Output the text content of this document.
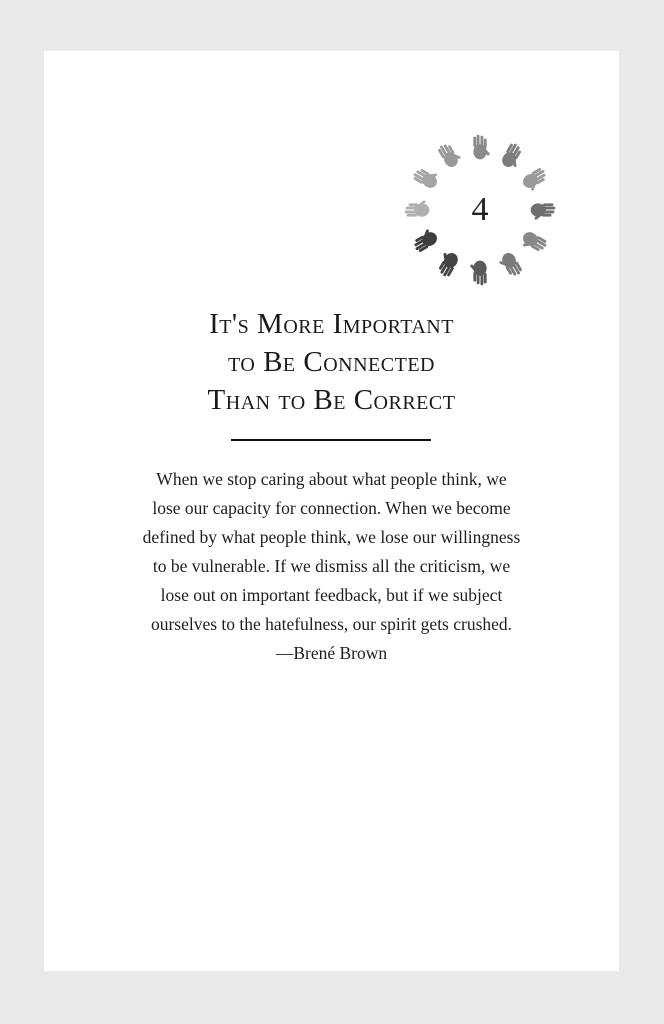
4
It's More Important
to Be Connected
Than to Be Correct
When we stop caring about what people think, we
lose our capacity for connection. When we become
defined by what people think, we lose our willingness
to be vulnerable. If we dismiss all the criticism, we
lose out on important feedback, but if we subject
ourselves to the hatefulness, our spirit gets crushed.
—Brené Brown
